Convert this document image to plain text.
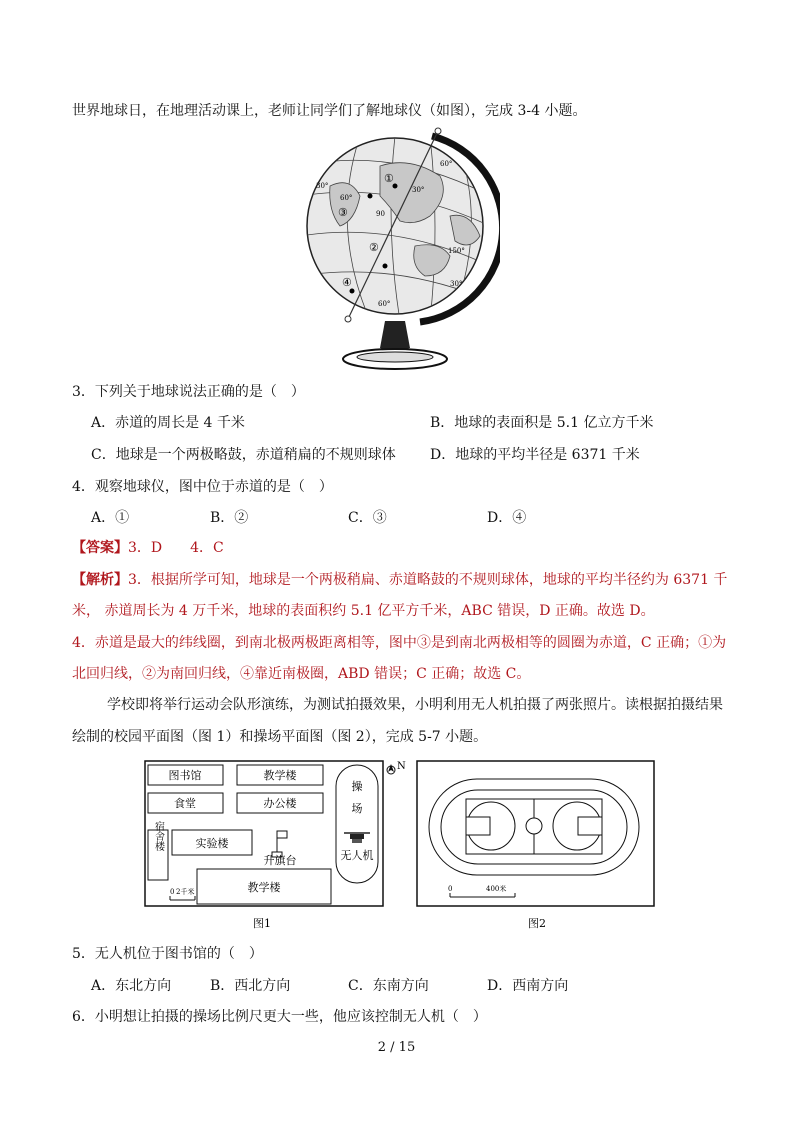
世界地球日，在地理活动课上，老师让同学们了解地球仪（如图），完成 3-4 小题。
①
③
②
④
30°
60°
90
30°
60°
150°
60°
30°
3．下列关于地球说法正确的是（　）
A．赤道的周长是 4 千米	B．地球的表面积是 5.1 亿立方千米
C．地球是一个两极略鼓，赤道稍扁的不规则球体 D．地球的平均半径是 6371 千米
4．观察地球仪，图中位于赤道的是（　）
A．①	B．②	C．③	D．④
【答案】3．D　　4．C
【解析】3．根据所学可知，地球是一个两极稍扁、赤道略鼓的不规则球体，地球的平均半径约为 6371 千
米， 赤道周长为 4 万千米，地球的表面积约 5.1 亿平方千米，ABC 错误，D 正确。故选 D。
4．赤道是最大的纬线圈，到南北极两极距离相等，图中③是到南北两极相等的圆圈为赤道，C 正确；①为
北回归线，②为南回归线，④靠近南极圈，ABD 错误；C 正确；故选 C。
学校即将举行运动会队形演练，为测试拍摄效果，小明利用无人机拍摄了两张照片。读根据拍摄结果
绘制的校园平面图（图 1）和操场平面图（图 2），完成 5-7 小题。
图书馆	教学楼
食堂	办公楼
宿舍楼	实验楼
升旗台
教学楼
操
场
无人机
N
0 2千米
图1
0	400米
图2
5．无人机位于图书馆的（　）
A．东北方向	B．西北方向	C．东南方向	D．西南方向
6．小明想让拍摄的操场比例尺更大一些，他应该控制无人机（　）
2 / 15
